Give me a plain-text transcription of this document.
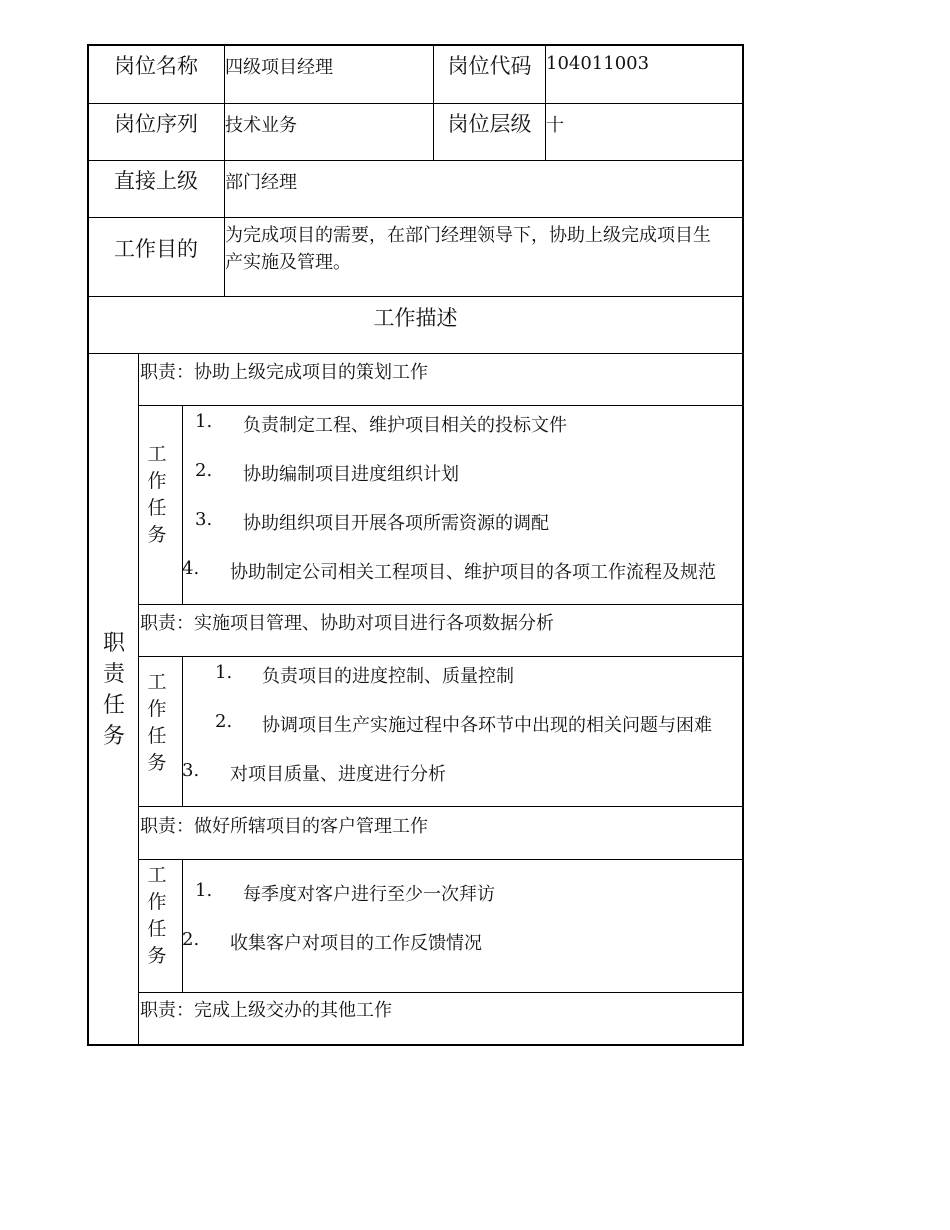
岗位名称	四级项目经理	岗位代码 104011003
岗位序列	技术业务	岗位层级 十
直接上级	部门经理
工作目的
为完成项目的需要，在部门经理领导下，协助上级完成项目生
产实施及管理。
工作描述
职责任务
职责：协助上级完成项目的策划工作
工作任务
1. 负责制定工程、维护项目相关的投标文件
2. 协助编制项目进度组织计划
3. 协助组织项目开展各项所需资源的调配
4. 协助制定公司相关工程项目、维护项目的各项工作流程及规范
职责：实施项目管理、协助对项目进行各项数据分析
工作任务
1. 负责项目的进度控制、质量控制
2. 协调项目生产实施过程中各环节中出现的相关问题与困难
3. 对项目质量、进度进行分析
职责：做好所辖项目的客户管理工作
工作任务
1. 每季度对客户进行至少一次拜访
2. 收集客户对项目的工作反馈情况
职责：完成上级交办的其他工作
